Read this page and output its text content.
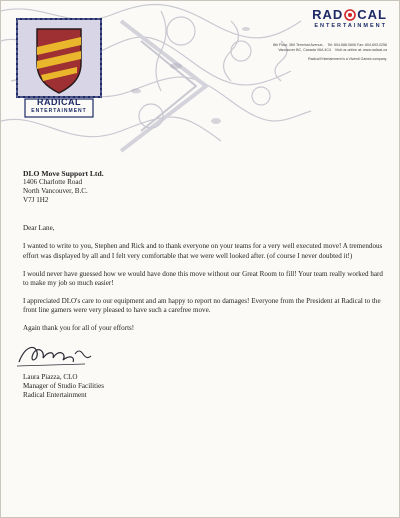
RADICAL
ENTERTAINMENT
RAD CAL
ENTERTAINMENT
8th Floor, 369 Terminal Avenue, Tel: 604.688.0606 Fax: 604.693.0256
Vancouver BC, Canada V6A 4C4 Visit us online at: www.radical.ca
Radical Entertainment is a Vivendi Games company.
DLO Move Support Ltd.
1406 Charlotte Road
North Vancouver, B.C.
V7J 1H2
Dear Lane,
I wanted to write to you, Stephen and Rick and to thank everyone on your teams for a very well executed move! A tremendous effort was displayed by all and I felt very comfortable that we were well looked after. (of course I never doubted it!)
I would never have guessed how we would have done this move without our Great Room to fill! Your team really worked hard to make my job so much easier!
I appreciated DLO's care to our equipment and am happy to report no damages! Everyone from the President at Radical to the front line gamers were very pleased to have such a carefree move.
Again thank you for all of your efforts!
Laura Piazza, CLO
Manager of Studio Facilities
Radical Entertainment
